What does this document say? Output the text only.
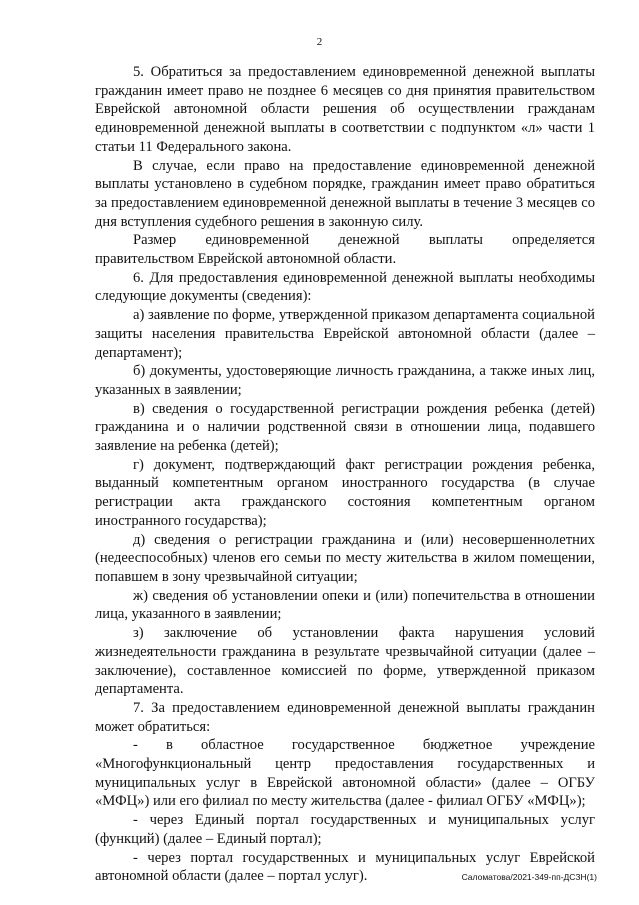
2

5. Обратиться за предоставлением единовременной денежной выплаты гражданин имеет право не позднее 6 месяцев со дня принятия правительством Еврейской автономной области решения об осуществлении гражданам единовременной денежной выплаты в соответствии с подпунктом «л» части 1 статьи 11 Федерального закона.

В случае, если право на предоставление единовременной денежной выплаты установлено в судебном порядке, гражданин имеет право обратиться за предоставлением единовременной денежной выплаты в течение 3 месяцев со дня вступления судебного решения в законную силу.

Размер единовременной денежной выплаты определяется правительством Еврейской автономной области.

6. Для предоставления единовременной денежной выплаты необходимы следующие документы (сведения):

а) заявление по форме, утвержденной приказом департамента социальной защиты населения правительства Еврейской автономной области (далее – департамент);

б) документы, удостоверяющие личность гражданина, а также иных лиц, указанных в заявлении;

в) сведения о государственной регистрации рождения ребенка (детей) гражданина и о наличии родственной связи в отношении лица, подавшего заявление на ребенка (детей);

г) документ, подтверждающий факт регистрации рождения ребенка, выданный компетентным органом иностранного государства (в случае регистрации акта гражданского состояния компетентным органом иностранного государства);

д) сведения о регистрации гражданина и (или) несовершеннолетних (недееспособных) членов его семьи по месту жительства в жилом помещении, попавшем в зону чрезвычайной ситуации;

ж) сведения об установлении опеки и (или) попечительства в отношении лица, указанного в заявлении;

з) заключение об установлении факта нарушения условий жизнедеятельности гражданина в результате чрезвычайной ситуации (далее – заключение), составленное комиссией по форме, утвержденной приказом департамента.

7. За предоставлением единовременной денежной выплаты гражданин может обратиться:

- в областное государственное бюджетное учреждение «Многофункциональный центр предоставления государственных и муниципальных услуг в Еврейской автономной области» (далее – ОГБУ «МФЦ») или его филиал по месту жительства (далее - филиал ОГБУ «МФЦ»);

- через Единый портал государственных и муниципальных услуг (функций) (далее – Единый портал);

- через портал государственных и муниципальных услуг Еврейской автономной области (далее – портал услуг).	Саломатова/2021-349-пп-ДСЗН(1)
